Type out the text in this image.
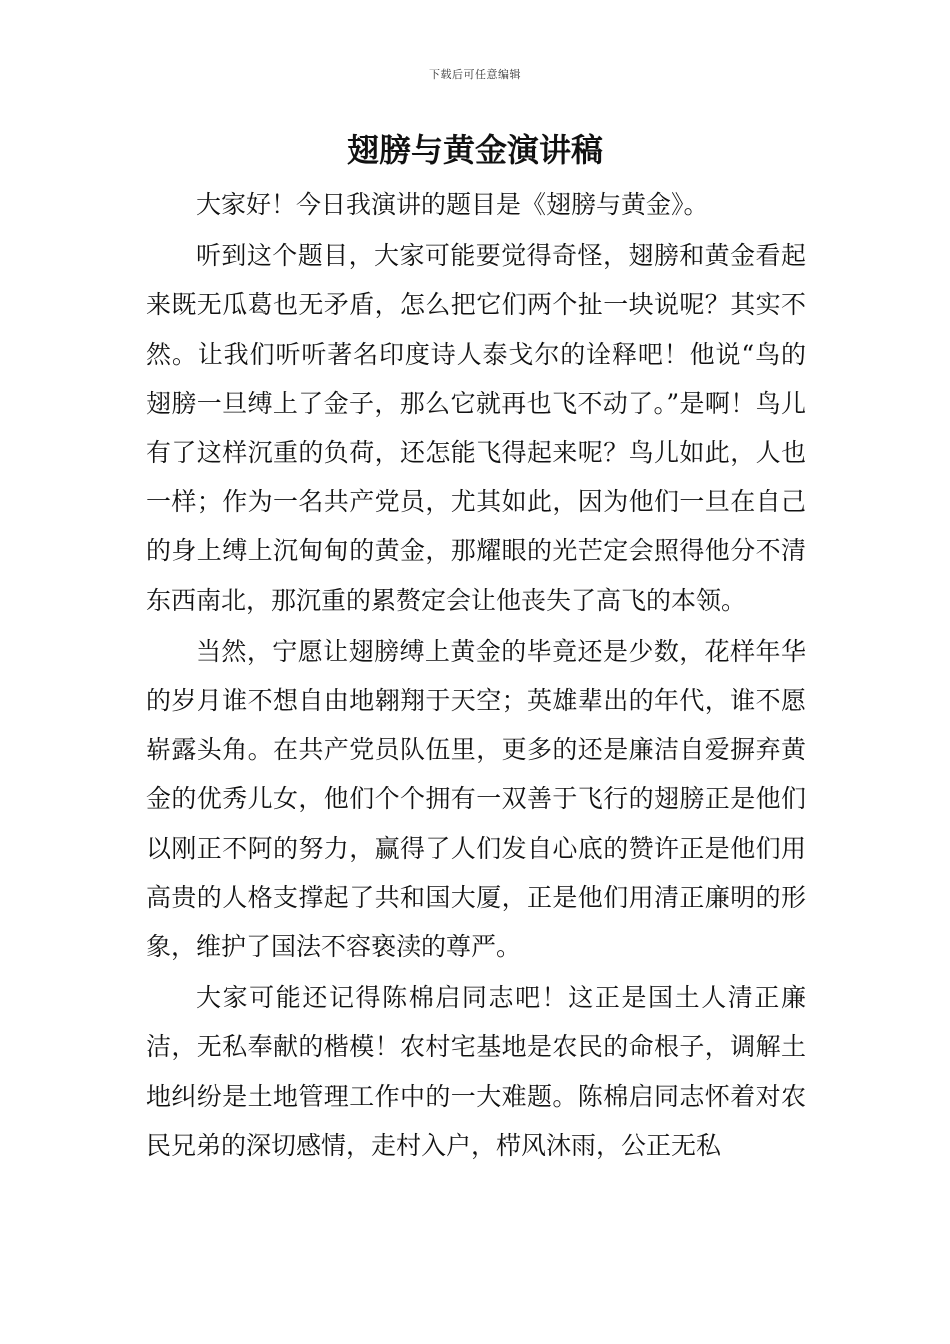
下载后可任意编辑
翅膀与黄金演讲稿

大家好！今日我演讲的题目是《翅膀与黄金》。

听到这个题目，大家可能要觉得奇怪，翅膀和黄金看起来既无瓜葛也无矛盾，怎么把它们两个扯一块说呢？其实不然。让我们听听著名印度诗人泰戈尔的诠释吧！他说“鸟的翅膀一旦缚上了金子，那么它就再也飞不动了。”是啊！鸟儿有了这样沉重的负荷，还怎能飞得起来呢？鸟儿如此，人也一样；作为一名共产党员，尤其如此，因为他们一旦在自己的身上缚上沉甸甸的黄金，那耀眼的光芒定会照得他分不清东西南北，那沉重的累赘定会让他丧失了高飞的本领。

当然，宁愿让翅膀缚上黄金的毕竟还是少数，花样年华的岁月谁不想自由地翱翔于天空；英雄辈出的年代，谁不愿崭露头角。在共产党员队伍里，更多的还是廉洁自爱摒弃黄金的优秀儿女，他们个个拥有一双善于飞行的翅膀正是他们以刚正不阿的努力，赢得了人们发自心底的赞许正是他们用高贵的人格支撑起了共和国大厦，正是他们用清正廉明的形象，维护了国法不容亵渎的尊严。

大家可能还记得陈棉启同志吧！这正是国土人清正廉洁，无私奉献的楷模！农村宅基地是农民的命根子，调解土地纠纷是土地管理工作中的一大难题。陈棉启同志怀着对农民兄弟的深切感情，走村入户，栉风沐雨，公正无私
